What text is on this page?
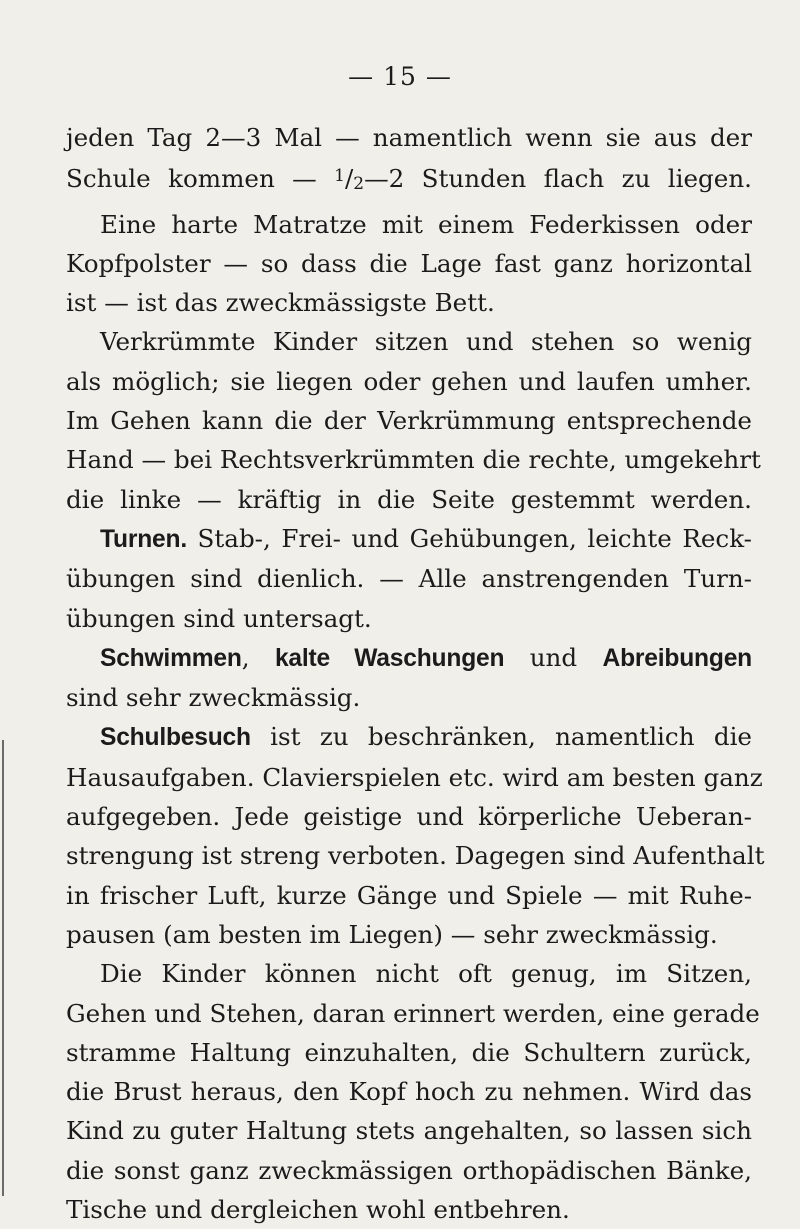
— 15 —
jeden Tag 2—3 Mal — namentlich wenn sie aus der
Schule kommen — $^1$/2—2 Stunden flach zu liegen.
Eine harte Matratze mit einem Federkissen oder
Kopfpolster — so dass die Lage fast ganz horizontal
ist — ist das zweckmässigste Bett.
Verkrümmte Kinder sitzen und stehen so wenig
als möglich; sie liegen oder gehen und laufen umher.
Im Gehen kann die der Verkrümmung entsprechende
Hand — bei Rechtsverkrümmten die rechte, umgekehrt
die linke — kräftig in die Seite gestemmt werden.
Turnen. Stab-, Frei- und Gehübungen, leichte Reck-
übungen sind dienlich. — Alle anstrengenden Turn-
übungen sind untersagt.
Schwimmen, kalte Waschungen und Abreibungen
sind sehr zweckmässig.
Schulbesuch ist zu beschränken, namentlich die
Hausaufgaben. Clavierspielen etc. wird am besten ganz
aufgegeben. Jede geistige und körperliche Ueberan-
strengung ist streng verboten. Dagegen sind Aufenthalt
in frischer Luft, kurze Gänge und Spiele — mit Ruhe-
pausen (am besten im Liegen) — sehr zweckmässig.
Die Kinder können nicht oft genug, im Sitzen,
Gehen und Stehen, daran erinnert werden, eine gerade
stramme Haltung einzuhalten, die Schultern zurück,
die Brust heraus, den Kopf hoch zu nehmen. Wird das
Kind zu guter Haltung stets angehalten, so lassen sich
die sonst ganz zweckmässigen orthopädischen Bänke,
Tische und dergleichen wohl entbehren.
